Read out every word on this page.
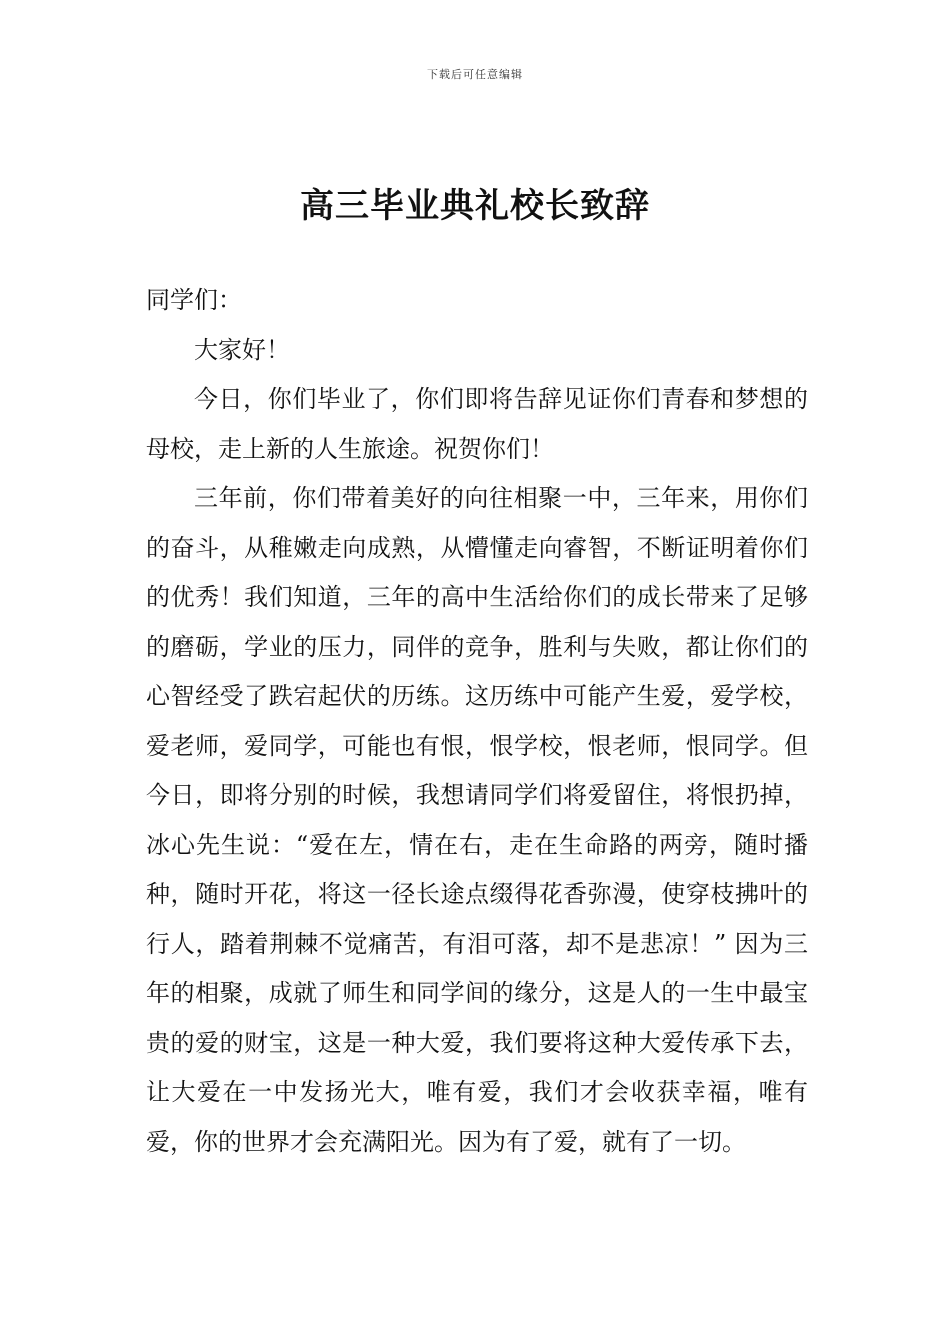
下载后可任意编辑
高三毕业典礼校长致辞

同学们：

大家好！

今日，你们毕业了，你们即将告辞见证你们青春和梦想的母校，走上新的人生旅途。祝贺你们！

三年前，你们带着美好的向往相聚一中，三年来，用你们的奋斗，从稚嫩走向成熟，从懵懂走向睿智，不断证明着你们的优秀！我们知道，三年的高中生活给你们的成长带来了足够的磨砺，学业的压力，同伴的竞争，胜利与失败，都让你们的心智经受了跌宕起伏的历练。这历练中可能产生爱，爱学校，爱老师，爱同学，可能也有恨，恨学校，恨老师，恨同学。但今日，即将分别的时候，我想请同学们将爱留住，将恨扔掉，冰心先生说：“爱在左，情在右，走在生命路的两旁，随时播种，随时开花，将这一径长途点缀得花香弥漫，使穿枝拂叶的行人，踏着荆棘不觉痛苦，有泪可落，却不是悲凉！” 因为三年的相聚，成就了师生和同学间的缘分，这是人的一生中最宝贵的爱的财宝，这是一种大爱，我们要将这种大爱传承下去，让大爱在一中发扬光大，唯有爱，我们才会收获幸福，唯有爱，你的世界才会充满阳光。因为有了爱，就有了一切。
